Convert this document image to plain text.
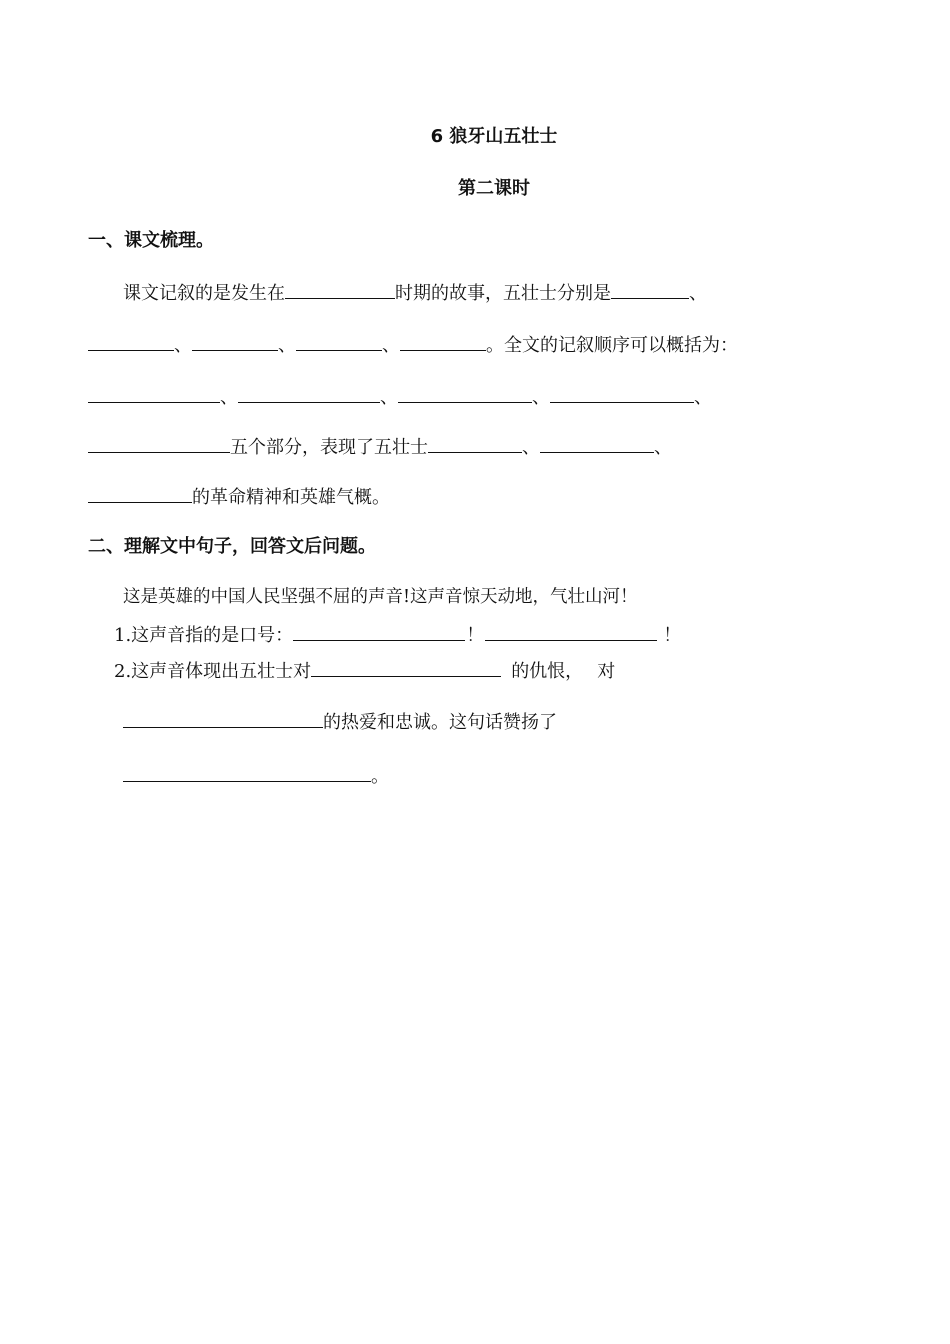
6 狼牙山五壮士
第二课时
一、课文梳理。
课文记叙的是发生在	时期的故事，五壮士分别是	、
、	、	、	。全文的记叙顺序可以概括为：
、	、	、	、
五个部分，表现了五壮士	、	、
的革命精神和英雄气概。
二、理解文中句子，回答文后问题。
这是英雄的中国人民坚强不屈的声音!这声音惊天动地，气壮山河！
1.这声音指的是口号：	！	！
2.这声音体现出五壮士对	的仇恨， 对
的热爱和忠诚。这句话赞扬了
。
